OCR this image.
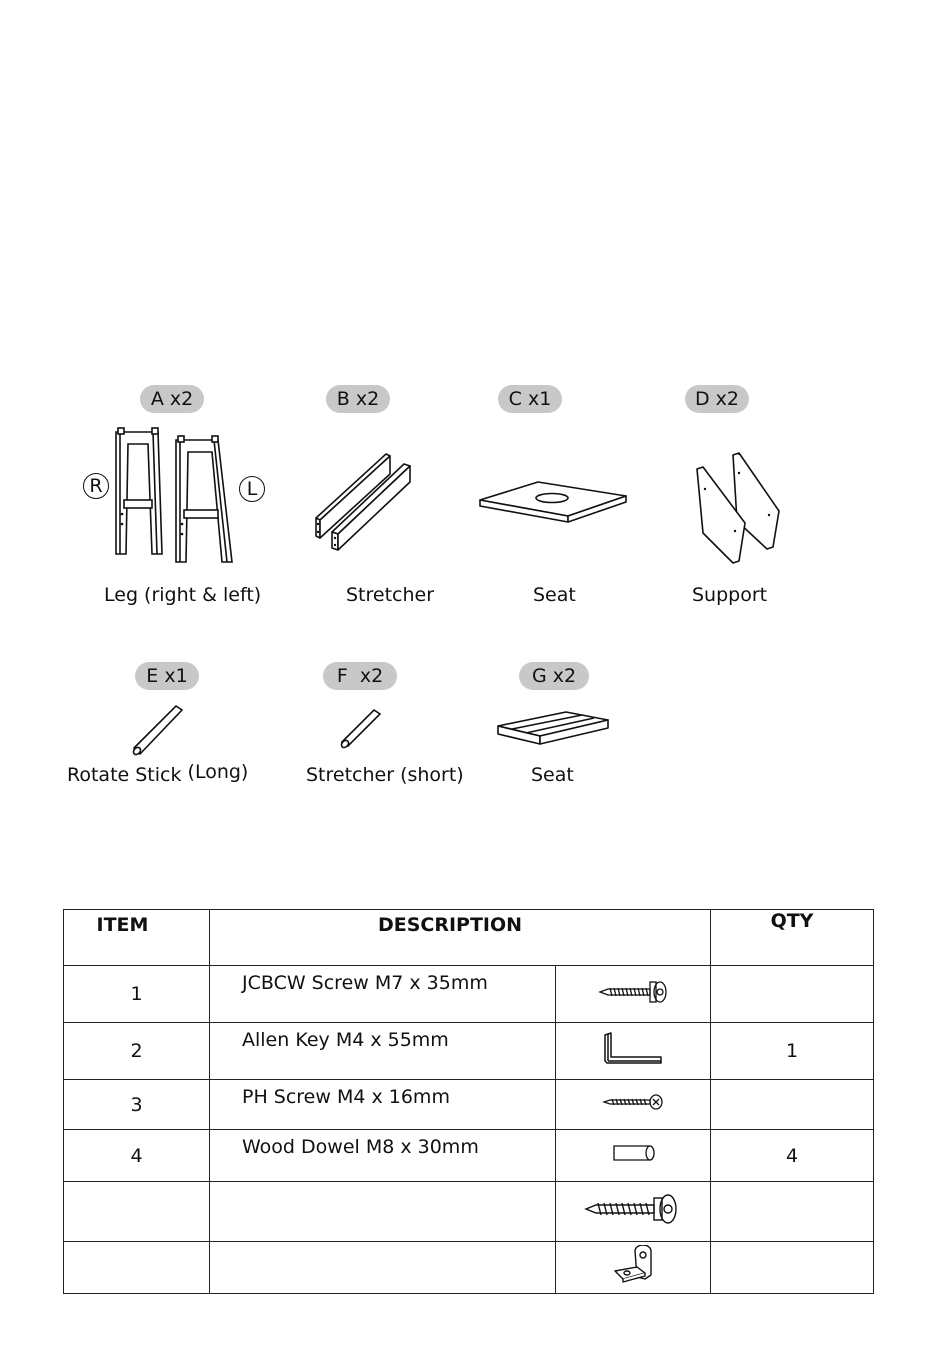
A x2
R	L
Leg (right & left)
B x2
Stretcher
C x1
Seat
D x2
Support
E x1
Rotate Stick (Long)
F  x2
Stretcher (short)
G x2
Seat
ITEM	DESCRIPTION		QTY
1	JCBCW Screw M7 x 35mm		
2	Allen Key M4 x 55mm		1
3	PH Screw M4 x 16mm		
4	Wood Dowel M8 x 30mm		4
